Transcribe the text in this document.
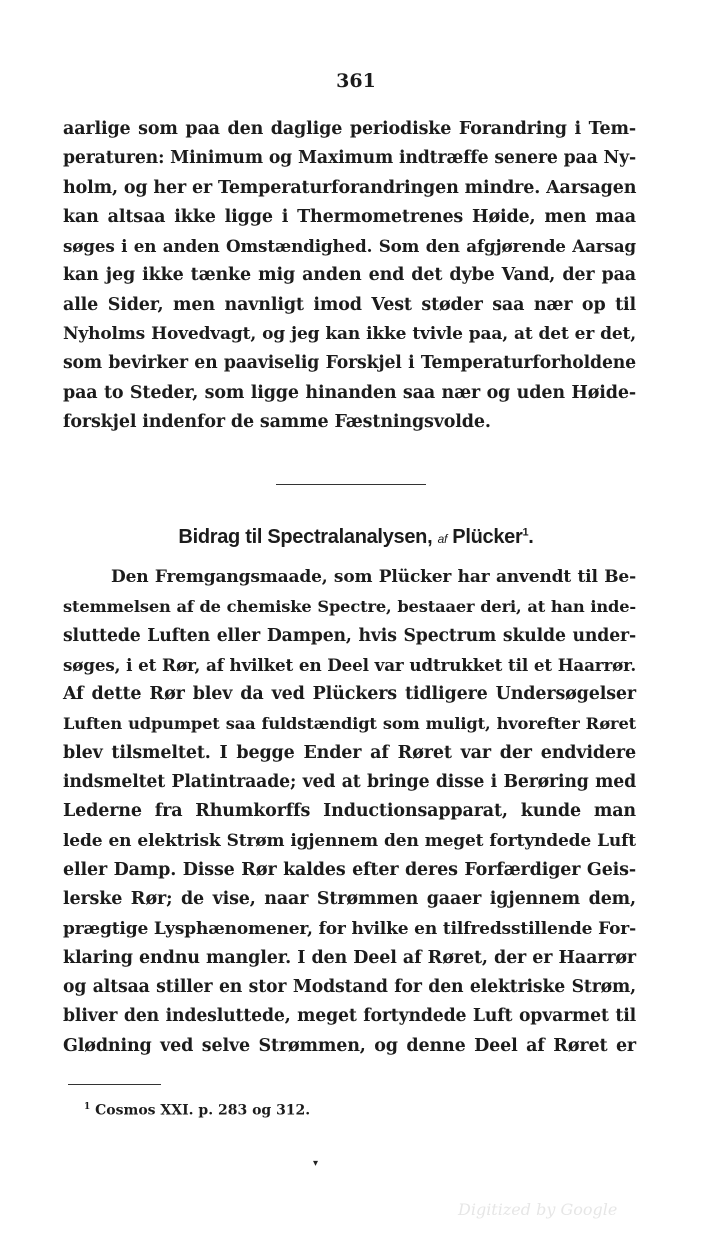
361
aarlige som paa den daglige periodiske Forandring i Tem-
peraturen: Minimum og Maximum indtræffe senere paa Ny-
holm, og her er Temperaturforandringen mindre. Aarsagen
kan altsaa ikke ligge i Thermometrenes Høide, men maa
søges i en anden Omstændighed. Som den afgjørende Aarsag
kan jeg ikke tænke mig anden end det dybe Vand, der paa
alle Sider, men navnligt imod Vest støder saa nær op til
Nyholms Hovedvagt, og jeg kan ikke tvivle paa, at det er det,
som bevirker en paaviselig Forskjel i Temperaturforholdene
paa to Steder, som ligge hinanden saa nær og uden Høide-
forskjel indenfor de samme Fæstningsvolde.
Bidrag til Spectralanalysen, af Plücker$^1$.
Den Fremgangsmaade, som Plücker har anvendt til Be-
stemmelsen af de chemiske Spectre, bestaaer deri, at han inde-
sluttede Luften eller Dampen, hvis Spectrum skulde under-
søges, i et Rør, af hvilket en Deel var udtrukket til et Haarrør.
Af dette Rør blev da ved Plückers tidligere Undersøgelser
Luften udpumpet saa fuldstændigt som muligt, hvorefter Røret
blev tilsmeltet. I begge Ender af Røret var der endvidere
indsmeltet Platintraade; ved at bringe disse i Berøring med
Lederne fra Rhumkorffs Inductionsapparat, kunde man
lede en elektrisk Strøm igjennem den meget fortyndede Luft
eller Damp. Disse Rør kaldes efter deres Forfærdiger Geis-
lerske Rør; de vise, naar Strømmen gaaer igjennem dem,
prægtige Lysphænomener, for hvilke en tilfredsstillende For-
klaring endnu mangler. I den Deel af Røret, der er Haarrør
og altsaa stiller en stor Modstand for den elektriske Strøm,
bliver den indesluttede, meget fortyndede Luft opvarmet til
Glødning ved selve Strømmen, og denne Deel af Røret er
$^1$ Cosmos XXI. p. 283 og 312.
▾
Digitized by Google
